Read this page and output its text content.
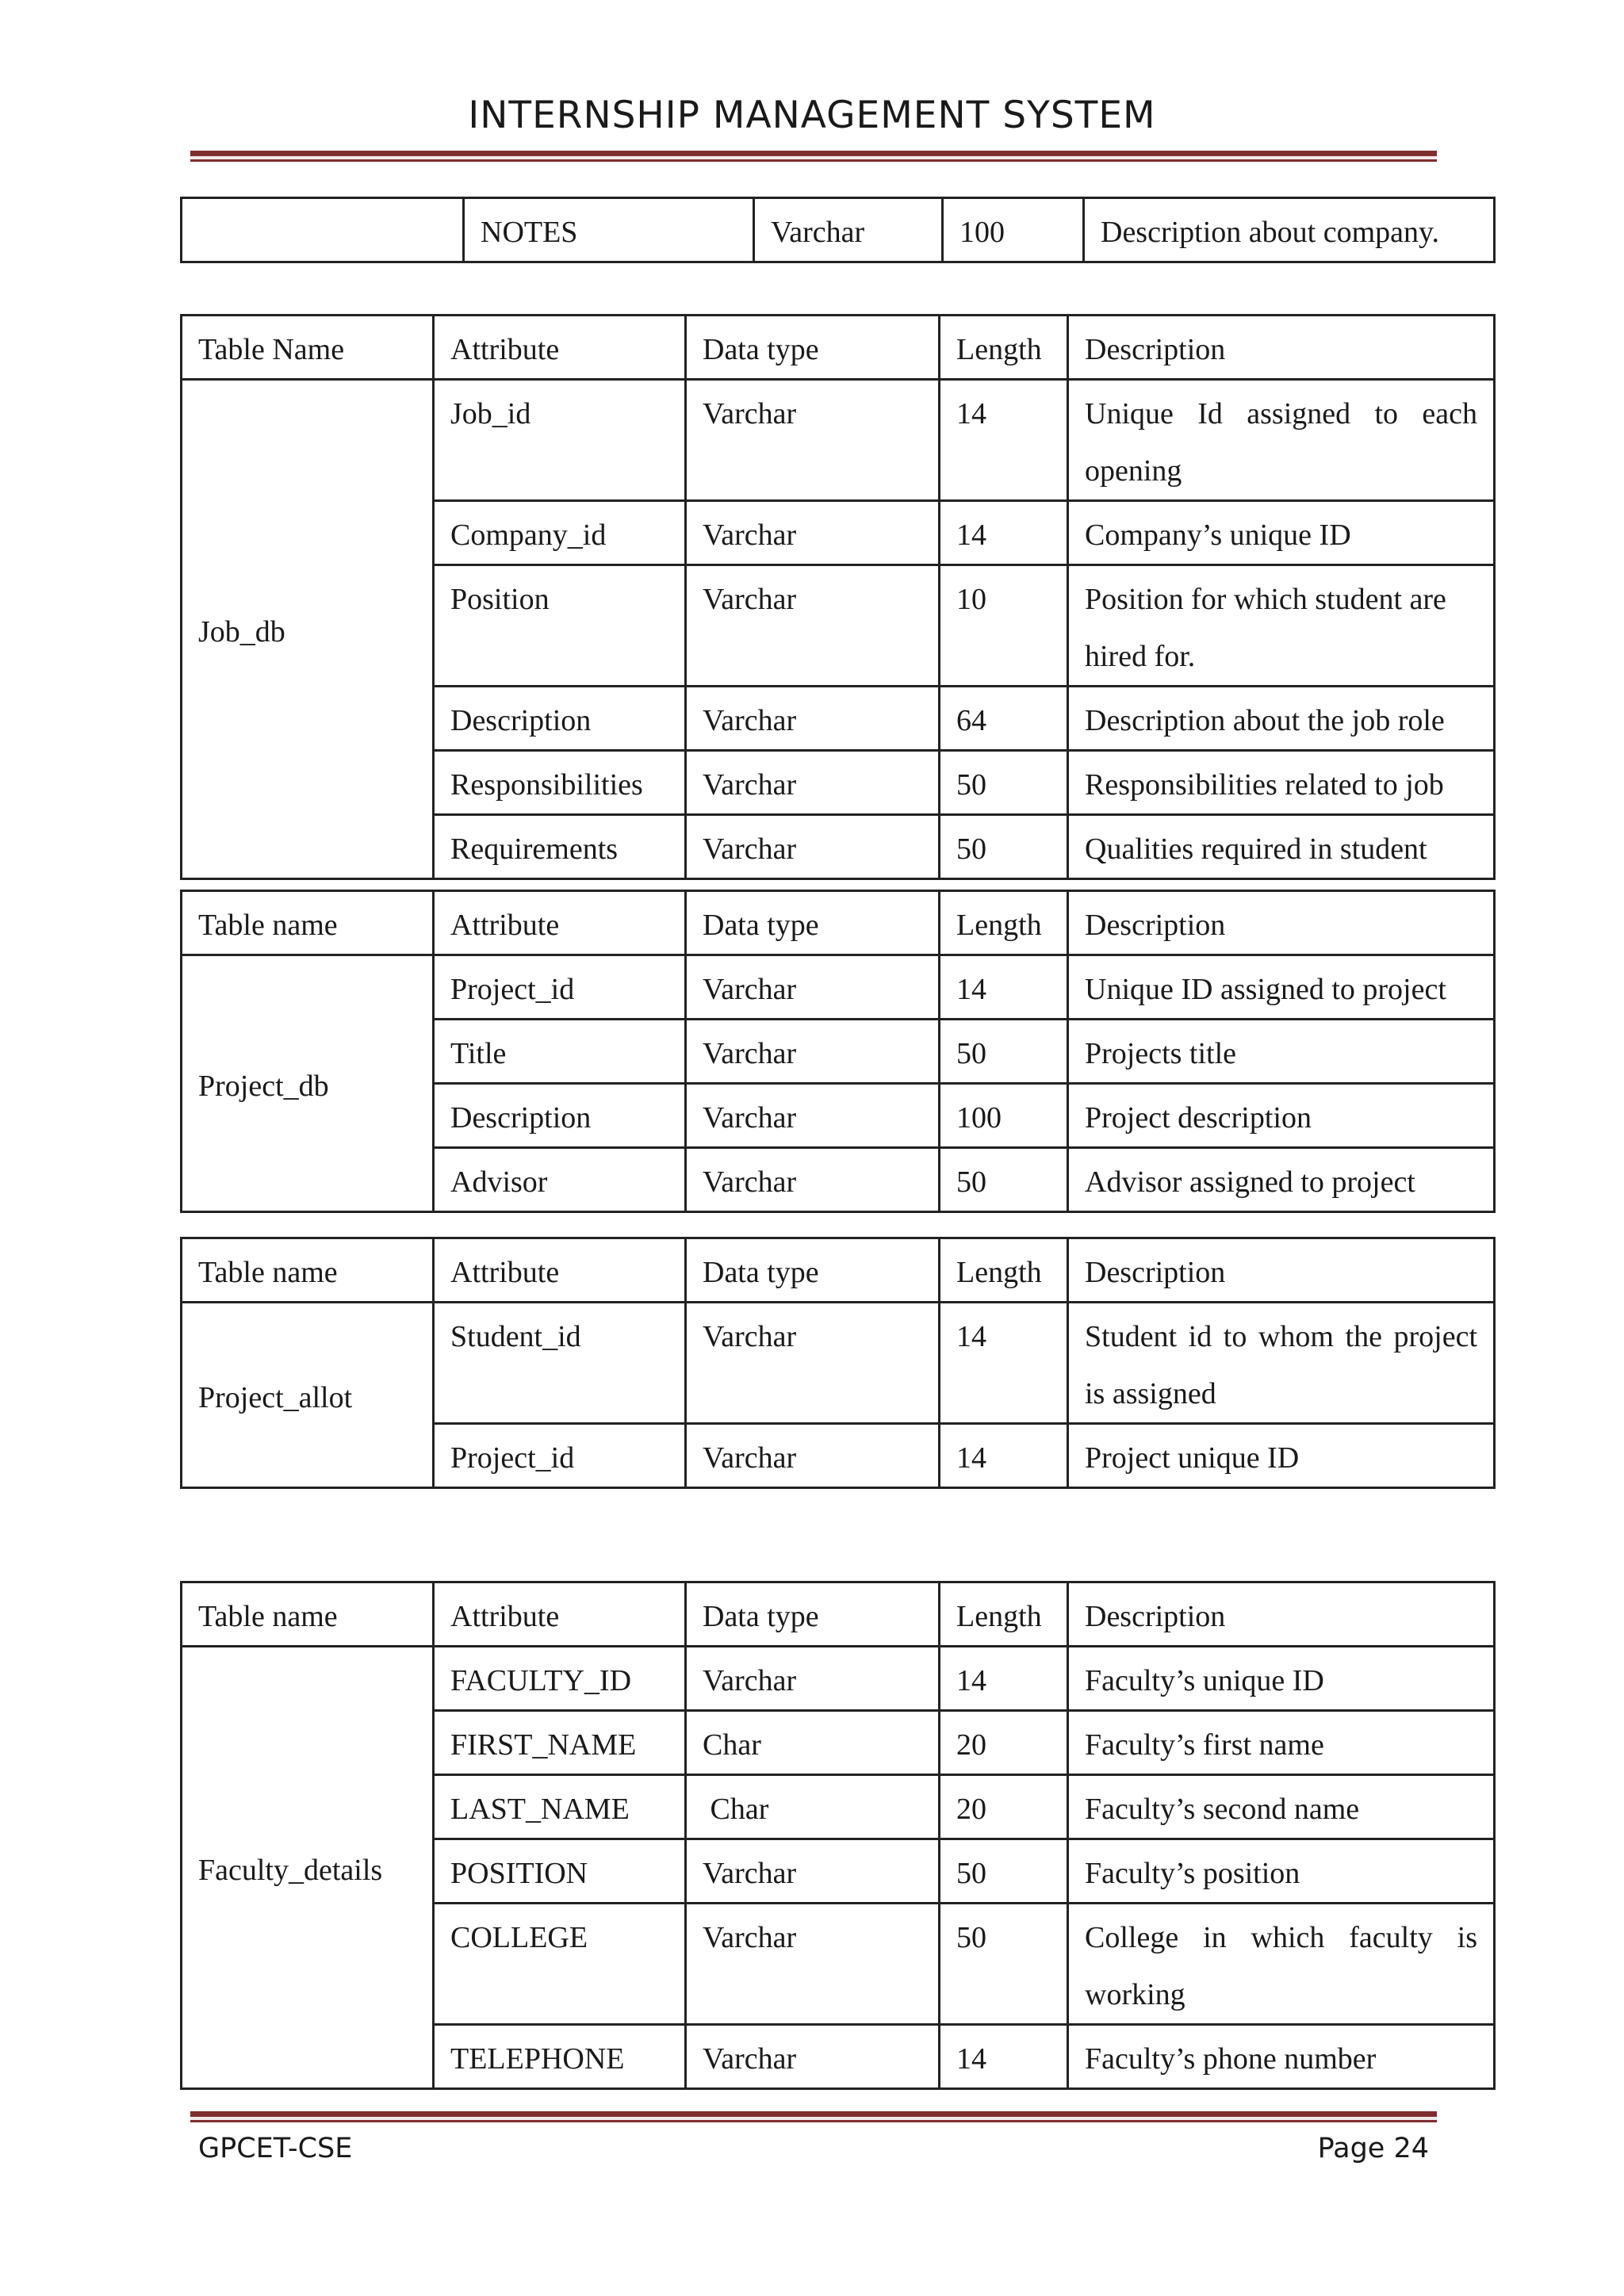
INTERNSHIP MANAGEMENT SYSTEM
	NOTES	Varchar	100	Description about company.
Table Name	Attribute	Data type	Length	Description
Job_db	Job_id	Varchar	14	Unique Id assigned to each opening
	Company_id	Varchar	14	Company’s unique ID
	Position	Varchar	10	Position for which student are hired for.
	Description	Varchar	64	Description about the job role
	Responsibilities	Varchar	50	Responsibilities related to job
	Requirements	Varchar	50	Qualities required in student
Table name	Attribute	Data type	Length	Description
Project_db	Project_id	Varchar	14	Unique ID assigned to project
	Title	Varchar	50	Projects title
	Description	Varchar	100	Project description
	Advisor	Varchar	50	Advisor assigned to project
Table name	Attribute	Data type	Length	Description
Project_allot	Student_id	Varchar	14	Student id to whom the project is assigned
	Project_id	Varchar	14	Project unique ID
Table name	Attribute	Data type	Length	Description
Faculty_details	FACULTY_ID	Varchar	14	Faculty’s unique ID
	FIRST_NAME	Char	20	Faculty’s first name
	LAST_NAME	Char	20	Faculty’s second name
	POSITION	Varchar	50	Faculty’s position
	COLLEGE	Varchar	50	College in which faculty is working
	TELEPHONE	Varchar	14	Faculty’s phone number
GPCET-CSE	Page 24
